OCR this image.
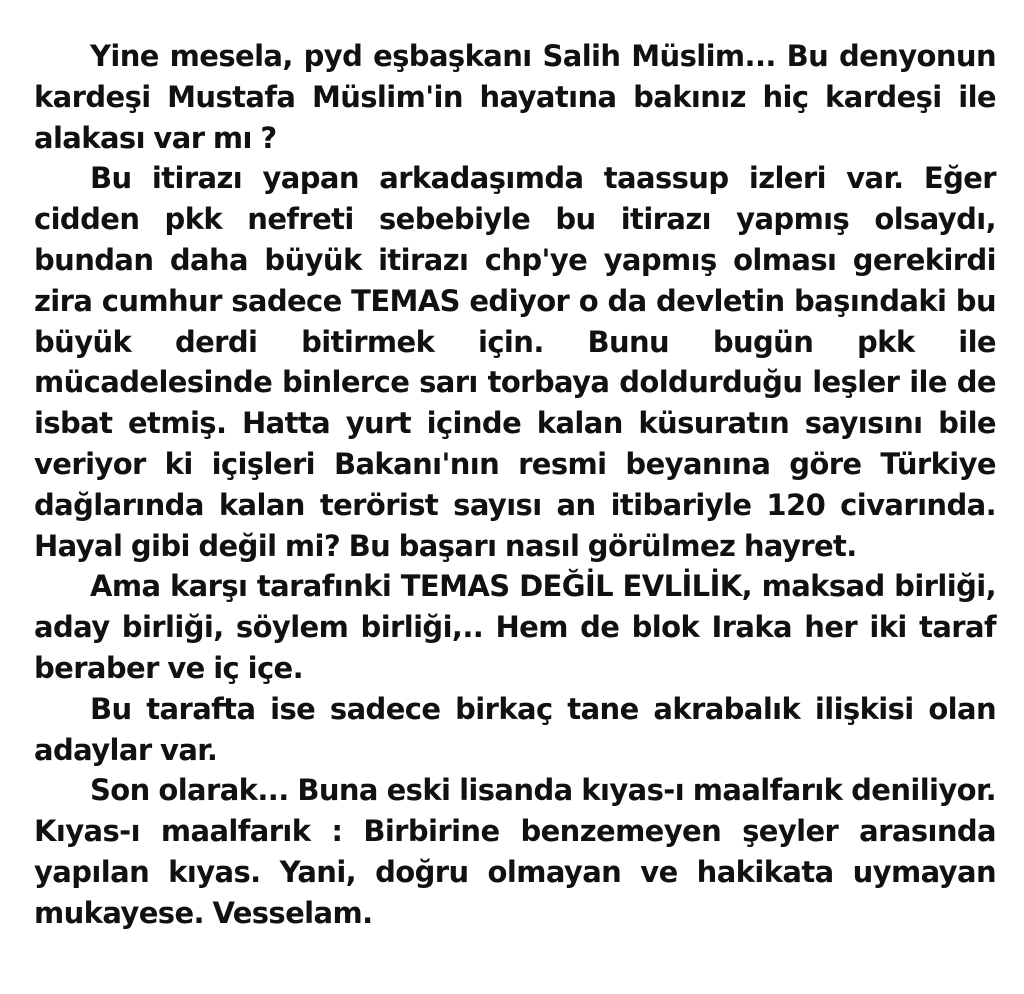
Yine mesela, pyd eşbaşkanı Salih Müslim... Bu denyonun kardeşi Mustafa Müslim'in hayatına bakınız hiç kardeşi ile alakası var mı ?

Bu itirazı yapan arkadaşımda taassup izleri var. Eğer cidden pkk nefreti sebebiyle bu itirazı yapmış olsaydı, bundan daha büyük itirazı chp'ye yapmış olması gerekirdi zira cumhur sadece TEMAS ediyor o da devletin başındaki bu büyük derdi bitirmek için. Bunu bugün pkk ile mücadelesinde binlerce sarı torbaya doldurduğu leşler ile de isbat etmiş. Hatta yurt içinde kalan küsuratın sayısını bile veriyor ki içişleri Bakanı'nın resmi beyanına göre Türkiye dağlarında kalan terörist sayısı an itibariyle 120 civarında. Hayal gibi değil mi? Bu başarı nasıl görülmez hayret.

Ama karşı tarafınki TEMAS DEĞİL EVLİLİK, maksad birliği, aday birliği, söylem birliği,.. Hem de blok Iraka her iki taraf beraber ve iç içe.

Bu tarafta ise sadece birkaç tane akrabalık ilişkisi olan adaylar var.

Son olarak... Buna eski lisanda kıyas-ı maalfarık deniliyor. Kıyas-ı maalfarık : Birbirine benzemeyen şeyler arasında yapılan kıyas. Yani, doğru olmayan ve hakikata uymayan mukayese. Vesselam.
